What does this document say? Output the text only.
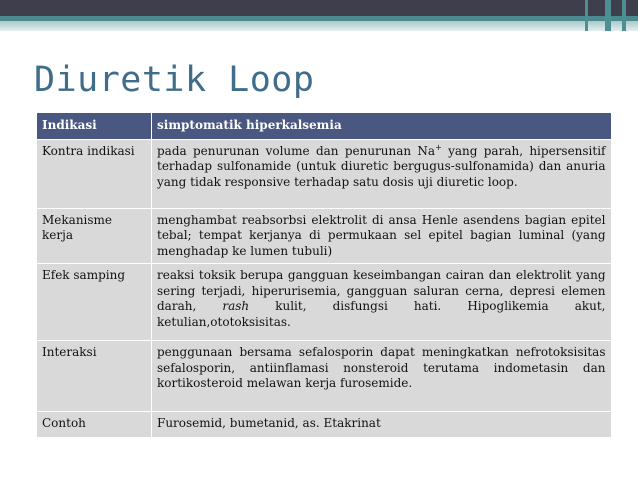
Diuretik Loop
Indikasi	simptomatik hiperkalsemia
Kontra indikasi	pada penurunan volume dan penurunan Na+ yang parah, hipersensitif terhadap sulfonamide (untuk diuretic bergugus-sulfonamida) dan anuria yang tidak responsive terhadap satu dosis uji diuretic loop.
Mekanisme kerja	menghambat reabsorbsi elektrolit di ansa Henle asendens bagian epitel tebal; tempat kerjanya di permukaan sel epitel bagian luminal (yang menghadap ke lumen tubuli)
Efek samping	reaksi toksik berupa gangguan keseimbangan cairan dan elektrolit yang sering terjadi, hiperurisemia, gangguan saluran cerna, depresi elemen darah, rash kulit, disfungsi hati. Hipoglikemia akut, ketulian,ototoksisitas.
Interaksi	penggunaan bersama sefalosporin dapat meningkatkan nefrotoksisitas sefalosporin, antiinflamasi nonsteroid terutama indometasin dan kortikosteroid melawan kerja furosemide.
Contoh	Furosemid, bumetanid, as. Etakrinat
